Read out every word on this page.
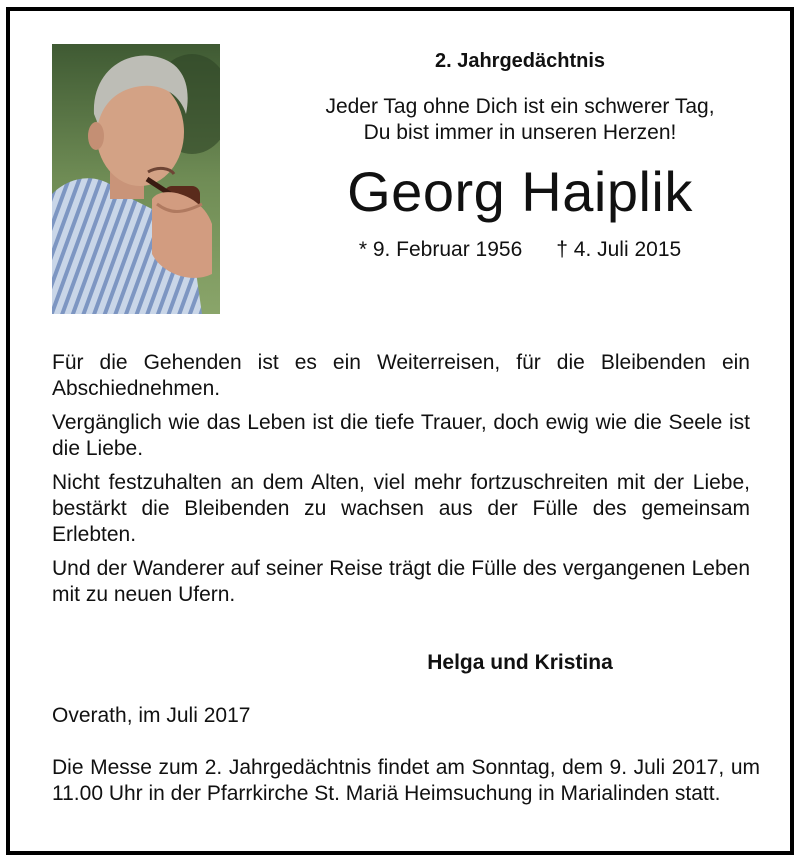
2. Jahrgedächtnis
Jeder Tag ohne Dich ist ein schwerer Tag,
Du bist immer in unseren Herzen!
Georg Haiplik
* 9. Februar 1956 † 4. Juli 2015

Für die Gehenden ist es ein Weiterreisen, für die Bleibenden ein Abschiednehmen.

Vergänglich wie das Leben ist die tiefe Trauer, doch ewig wie die Seele ist die Liebe.

Nicht festzuhalten an dem Alten, viel mehr fortzuschreiten mit der Liebe, bestärkt die Bleibenden zu wachsen aus der Fülle des gemeinsam Erlebten.

Und der Wanderer auf seiner Reise trägt die Fülle des vergangenen Leben mit zu neuen Ufern.

Helga und Kristina
Overath, im Juli 2017
Die Messe zum 2. Jahrgedächtnis findet am Sonntag, dem 9. Juli 2017, um 11.00 Uhr in der Pfarrkirche St. Mariä Heimsuchung in Marialinden statt.
